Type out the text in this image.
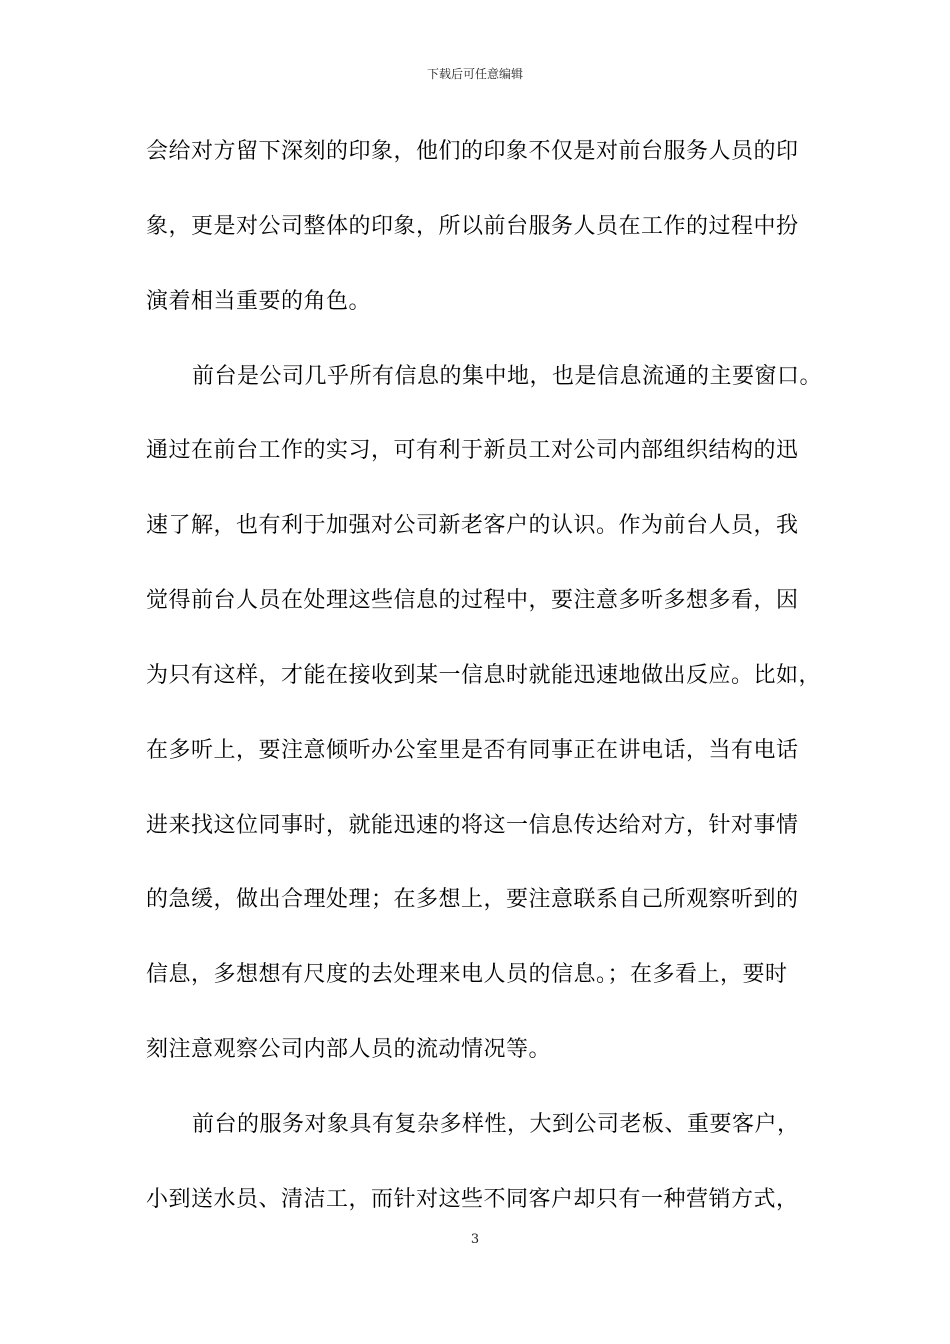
下载后可任意编辑
会给对方留下深刻的印象，他们的印象不仅是对前台服务人员的印
象，更是对公司整体的印象，所以前台服务人员在工作的过程中扮
演着相当重要的角色。
前台是公司几乎所有信息的集中地，也是信息流通的主要窗口。
通过在前台工作的实习，可有利于新员工对公司内部组织结构的迅
速了解，也有利于加强对公司新老客户的认识。作为前台人员，我
觉得前台人员在处理这些信息的过程中，要注意多听多想多看，因
为只有这样，才能在接收到某一信息时就能迅速地做出反应。比如，
在多听上，要注意倾听办公室里是否有同事正在讲电话，当有电话
进来找这位同事时，就能迅速的将这一信息传达给对方，针对事情
的急缓，做出合理处理；在多想上，要注意联系自己所观察听到的
信息，多想想有尺度的去处理来电人员的信息。；在多看上，要时
刻注意观察公司内部人员的流动情况等。
前台的服务对象具有复杂多样性，大到公司老板、重要客户，
小到送水员、清洁工，而针对这些不同客户却只有一种营销方式，
3
